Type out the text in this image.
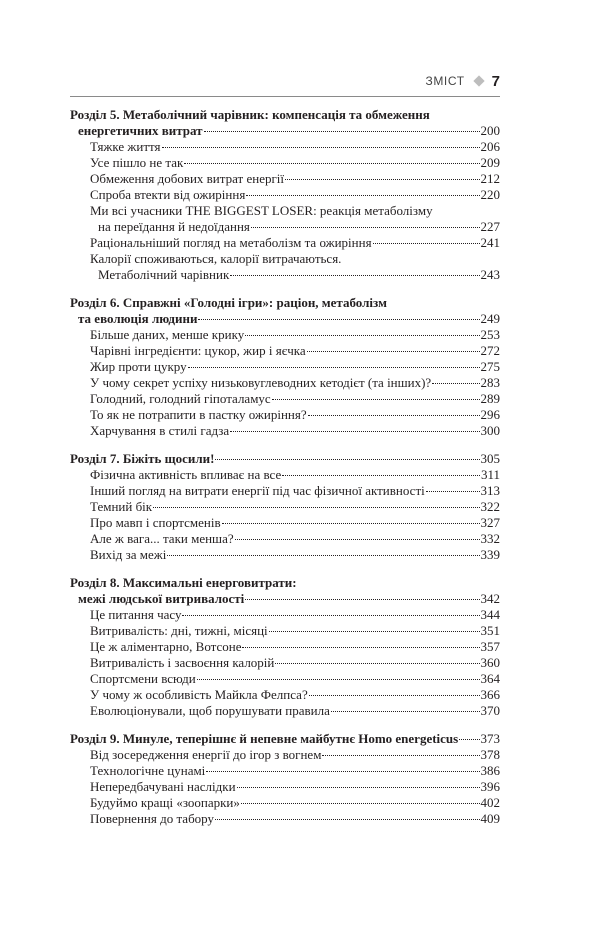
ЗМІСТ 7
Розділ 5. Метаболічний чарівник: компенсація та обмеження
енергетичних витрат	200
Тяжке життя	206
Усе пішло не так	209
Обмеження добових витрат енергії	212
Спроба втекти від ожиріння	220
Ми всі учасники THE BIGGEST LOSER: реакція метаболізму
на переїдання й недоїдання	227
Раціональніший погляд на метаболізм та ожиріння	241
Калорії споживаються, калорії витрачаються.
Метаболічний чарівник	243
Розділ 6. Справжні «Голодні ігри»: раціон, метаболізм
та еволюція людини	249
Більше даних, менше крику	253
Чарівні інгредієнти: цукор, жир і яєчка	272
Жир проти цукру	275
У чому секрет успіху низьковуглеводних кетодієт (та інших)?	283
Голодний, голодний гіпоталамус	289
То як не потрапити в пастку ожиріння?	296
Харчування в стилі гадза	300
Розділ 7. Біжіть щосили!	305
Фізична активність впливає на все	311
Інший погляд на витрати енергії під час фізичної активності	313
Темний бік	322
Про мавп і спортсменів	327
Але ж вага... таки менша?	332
Вихід за межі	339
Розділ 8. Максимальні енерговитрати:
межі людської витривалості	342
Це питання часу	344
Витривалість: дні, тижні, місяці	351
Це ж аліментарно, Вотсоне	357
Витривалість і засвоєння калорій	360
Спортсмени всюди	364
У чому ж особливість Майкла Фелпса?	366
Еволюціонували, щоб порушувати правила	370
Розділ 9. Минуле, теперішнє й непевне майбутнє Homo energeticus 373
Від зосередження енергії до ігор з вогнем	378
Технологічне цунамі	386
Непередбачувані наслідки	396
Будуймо кращі «зоопарки»	402
Повернення до табору	409
